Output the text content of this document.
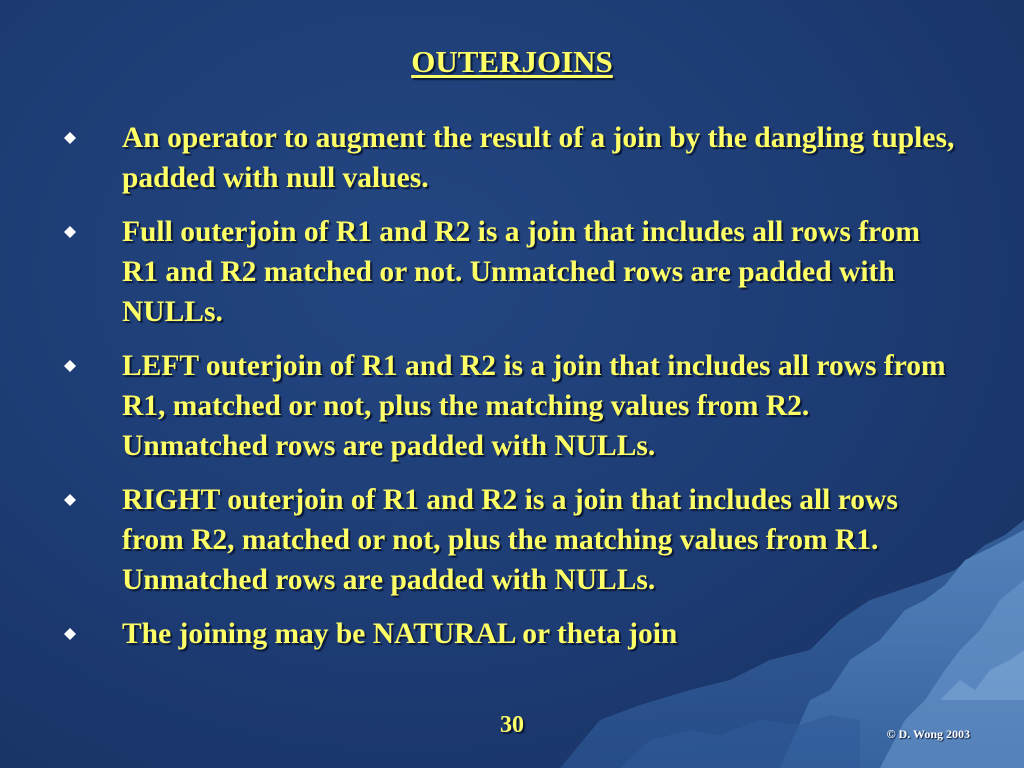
OUTERJOINS
An operator to augment the result of a join by the dangling tuples, padded with null values.
Full outerjoin of R1 and R2 is a join that includes all rows from R1 and R2 matched or not. Unmatched rows are padded with NULLs.
LEFT outerjoin of R1 and R2 is a join that includes all rows from R1, matched or not, plus the matching values from R2. Unmatched rows are padded with NULLs.
RIGHT outerjoin of R1 and R2 is a join that includes all rows from R2, matched or not, plus the matching values from R1. Unmatched rows are padded with NULLs.
The joining may be NATURAL or theta join
30	© D. Wong 2003
